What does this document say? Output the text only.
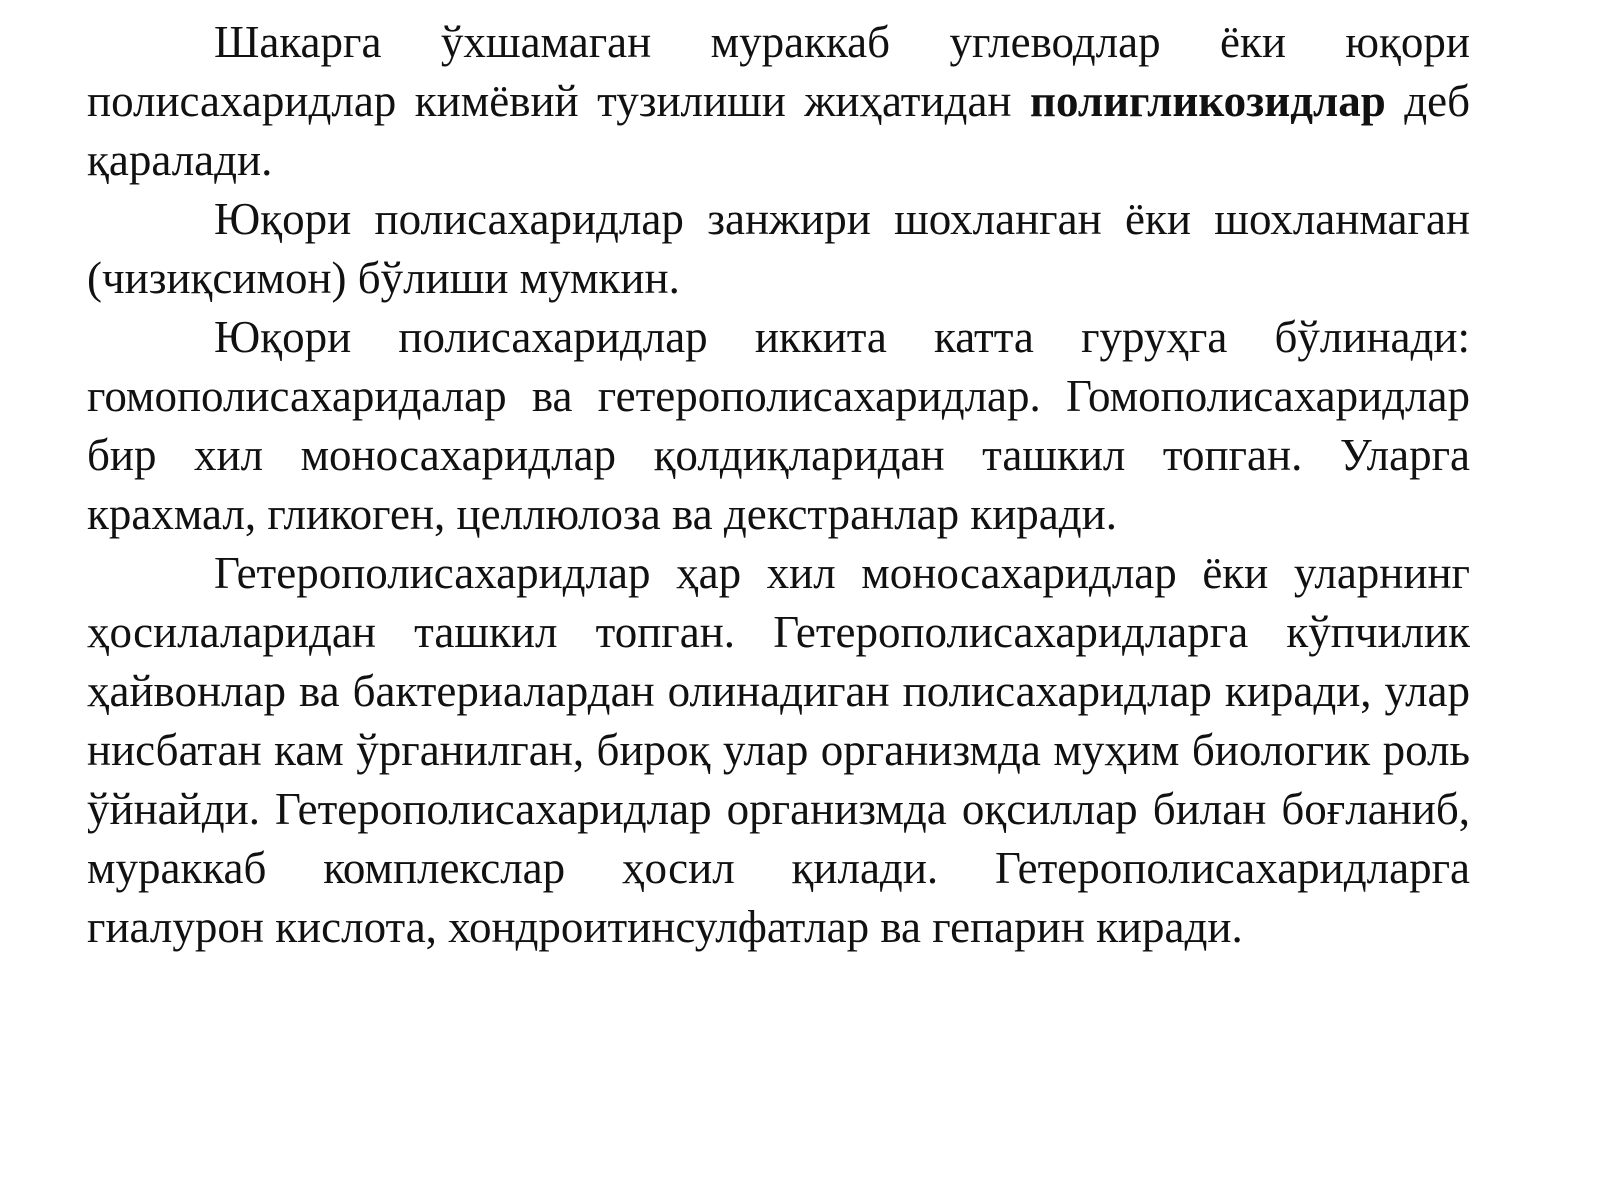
Шакарга ўхшамаган мураккаб углеводлар ёки юқори полисахаридлар кимёвий тузилиши жиҳатидан полигликозидлар деб қаралади.

Юқори полисахаридлар занжири шохланган ёки шохланмаган (чизиқсимон) бўлиши мумкин.

Юқори полисахаридлар иккита катта гуруҳга бўлинади: гомополисахаридалар ва гетерополисахаридлар. Гомополисахаридлар бир хил моносахаридлар қолдиқларидан ташкил топган. Уларга крахмал, гликоген, целлюлоза ва декстранлар киради.

Гетерополисахаридлар ҳар хил моносахаридлар ёки уларнинг ҳосилаларидан ташкил топган. Гетерополисахаридларга кўпчилик ҳайвонлар ва бактериалардан олинадиган полисахаридлар киради, улар нисбатан кам ўрганилган, бироқ улар организмда муҳим биологик роль ўйнайди. Гетерополисахаридлар организмда оқсиллар билан боғланиб, мураккаб комплекслар ҳосил қилади. Гетерополисахаридларга гиалурон кислота, хондроитинсулфатлар ва гепарин киради.
